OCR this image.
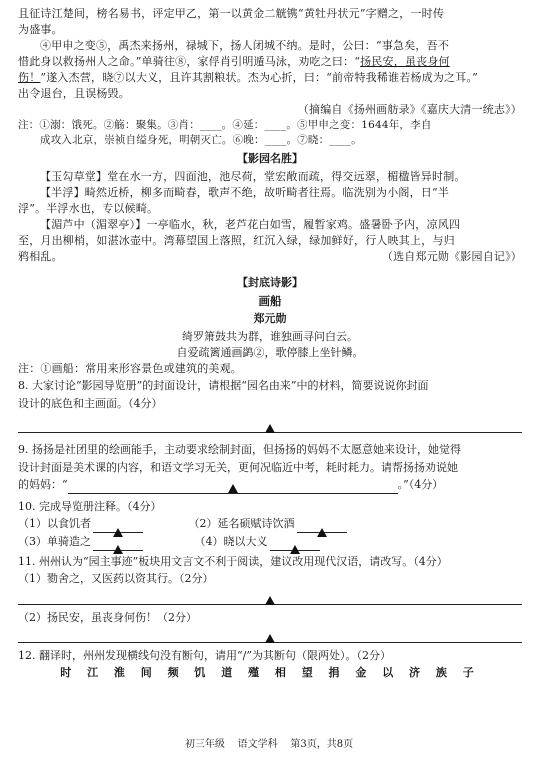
且征诗江楚间，榜名易书，评定甲乙，第一以黄金二觥镌“黄牡丹状元”字赠之，一时传

为盛事。

④甲申之变⑤，禹杰来扬州，禄城下，扬人闭城不纳。是时，公曰：“事急矣，吾不

惜此身以救扬州人之命。”单骑往⑧，家俘肖引明遁马泳，劝吃之曰：“扬民安，虽丧身何

伤！”遂入杰营，晓⑦以大义，且许其割粮状。杰为心折，曰：“前帝特我稀谁若杨成为之耳。”

出令退台，且误杨毁。

（摘编自《扬州画舫录》《嘉庆大清一统志》）

注：①溺：饿死。②觞：聚集。③肖：____。④延：____。⑤甲申之变：1644年，李自

成攻入北京，崇祯自缢身死，明朝灭亡。⑥晚：____。⑦晓：____。

【影园名胜】

【玉勾草堂】堂在水一方，四面池，池尽荷，堂宏敞而疏，得交远翠，楣楹皆异时制。

【半浮】畸然近桥，柳多而畸春，歌声不绝，故听畸者往焉。临洗别为小阁，日“半

浮”。半浮水也，专以候畸。

【湄芦中（湄翠亭）】一亭临水，秋，老芦花白如雪，履暂家鸡。盛暑卧予内，凉风四

至，月出柳梢，如湛冰壶中。湾幕望国上落照，红沉入绿，绿加鲜好，行人映其上，与归

鸦相乱。	（选自郑元勋《影园自记》）

【封底诗影】

画船

郑元勋

绮罗箫鼓共为群，谁独画寻问白云。

自爱疏篱通画鹢②，歌停膝上坐针鳞。

注：①画船：常用来形容景色或建筑的美观。

8. 大家讨论“影园导览册”的封面设计，请根据“园名由来”中的材料，简要说说你封面

设计的底色和主画面。（4分）

9. 扬扬是社团里的绘画能手，主动要求绘制封面，但扬扬的妈妈不太愿意她来设计，她觉得

设计封面是美术课的内容，和语文学习无关，更何况临近中考，耗时耗力。请帮扬扬劝说她

的妈妈：“	。”（4分）

10. 完成导览册注释。（4分）

（1）以食饥者	（2）延名硕赋诗饮酒

（3）单骑造之	（4）晓以大义

11. 州州认为“园主事迹”板块用文言文不利于阅读，建议改用现代汉语，请改写。（4分）

（1）勠舍之，又医药以资其行。（2分）

（2）扬民安，虽丧身何伤！（2分）

12. 翻译时，州州发现横线句没有断句，请用“/”为其断句（限两处）。（2分）

时 江 淮 间 频 饥 道 殣 相 望 捐 金 以 济 族 子

初三年级 语文学科 第3页，共8页
